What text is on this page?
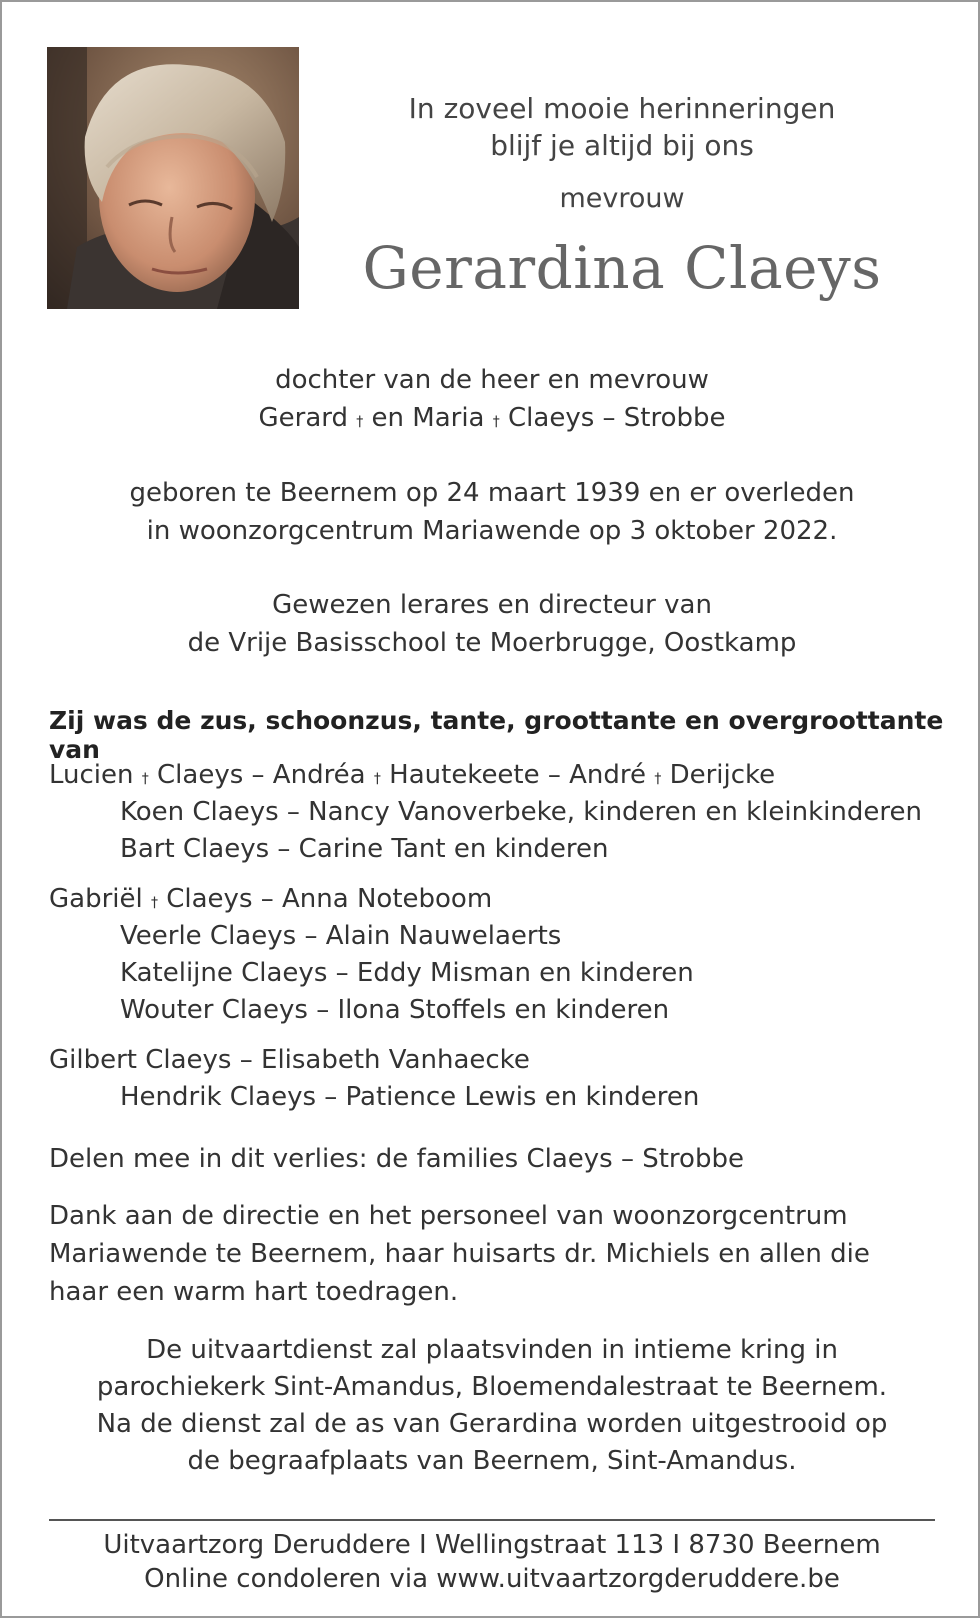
In zoveel mooie herinneringen
blijf je altijd bij ons
mevrouw
Gerardina Claeys
dochter van de heer en mevrouw
Gerard † en Maria † Claeys – Strobbe
geboren te Beernem op 24 maart 1939 en er overleden
in woonzorgcentrum Mariawende op 3 oktober 2022.
Gewezen lerares en directeur van
de Vrije Basisschool te Moerbrugge, Oostkamp
Zij was de zus, schoonzus, tante, groottante en overgroottante van
Lucien † Claeys – Andréa † Hautekeete – André † Derijcke
Koen Claeys – Nancy Vanoverbeke, kinderen en kleinkinderen
Bart Claeys – Carine Tant en kinderen
Gabriël † Claeys – Anna Noteboom
Veerle Claeys – Alain Nauwelaerts
Katelijne Claeys – Eddy Misman en kinderen
Wouter Claeys – Ilona Stoffels en kinderen
Gilbert Claeys – Elisabeth Vanhaecke
Hendrik Claeys – Patience Lewis en kinderen
Delen mee in dit verlies: de families Claeys – Strobbe
Dank aan de directie en het personeel van woonzorgcentrum
Mariawende te Beernem, haar huisarts dr. Michiels en allen die
haar een warm hart toedragen.
De uitvaartdienst zal plaatsvinden in intieme kring in
parochiekerk Sint-Amandus, Bloemendalestraat te Beernem.
Na de dienst zal de as van Gerardina worden uitgestrooid op
de begraafplaats van Beernem, Sint-Amandus.
Uitvaartzorg Deruddere I Wellingstraat 113 I 8730 Beernem
Online condoleren via www.uitvaartzorgderuddere.be
